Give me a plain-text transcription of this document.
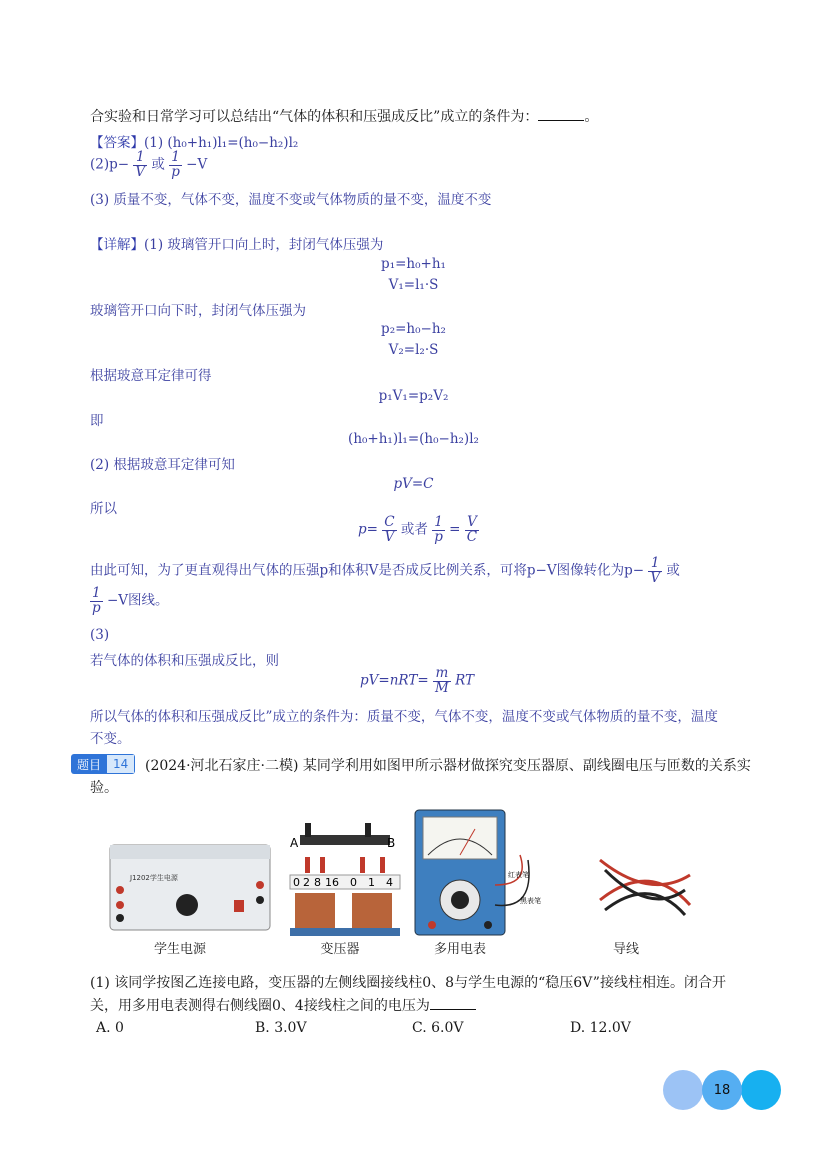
合实验和日常学习可以总结出“气体的体积和压强成反比”成立的条件为：	。
【答案】(1) (h₀+h₁)l₁=(h₀−h₂)l₂
$(2)p- \frac{1}{V}$ 或 $\frac{1}{p} -V$
(3) 质量不变，气体不变，温度不变或气体物质的量不变，温度不变
【详解】(1) 玻璃管开口向上时，封闭气体压强为
p₁=h₀+h₁
V₁=l₁·S
玻璃管开口向下时，封闭气体压强为
p₂=h₀−h₂
V₂=l₂·S
根据玻意耳定律可得
p₁V₁=p₂V₂
即
(h₀+h₁)l₁=(h₀−h₂)l₂
(2) 根据玻意耳定律可知
pV=C
所以
$p= \frac{C}{V}$ 或者 $\frac{1}{p} = \frac{V}{C}$
由此可知，为了更直观得出气体的压强p和体积V是否成反比例关系，可将p−V图像转化为$p- \frac{1}{V}$ 或
$\frac{1}{p} -V$图线。
(3)
若气体的体积和压强成反比，则
$pV=nRT= \frac{m}{M}$ RT
所以气体的体积和压强成反比”成立的条件为：质量不变，气体不变，温度不变或气体物质的量不变，温度
不变。
题目	14	(2024·河北石家庄·二模) 某同学利用如图甲所示器材做探究变压器原、副线圈电压与匝数的关系实
验。
J1202学生电源
A	B
0 2 8 16 0 1 4
红表笔
黑表笔
学生电源	变压器	多用电表	导线
(1) 该同学按图乙连接电路，变压器的左侧线圈接线柱0、8与学生电源的“稳压6V”接线柱相连。闭合开
关，用多用电表测得右侧线圈0、4接线柱之间的电压为
A. 0	B. 3.0V	C. 6.0V	D. 12.0V
18
